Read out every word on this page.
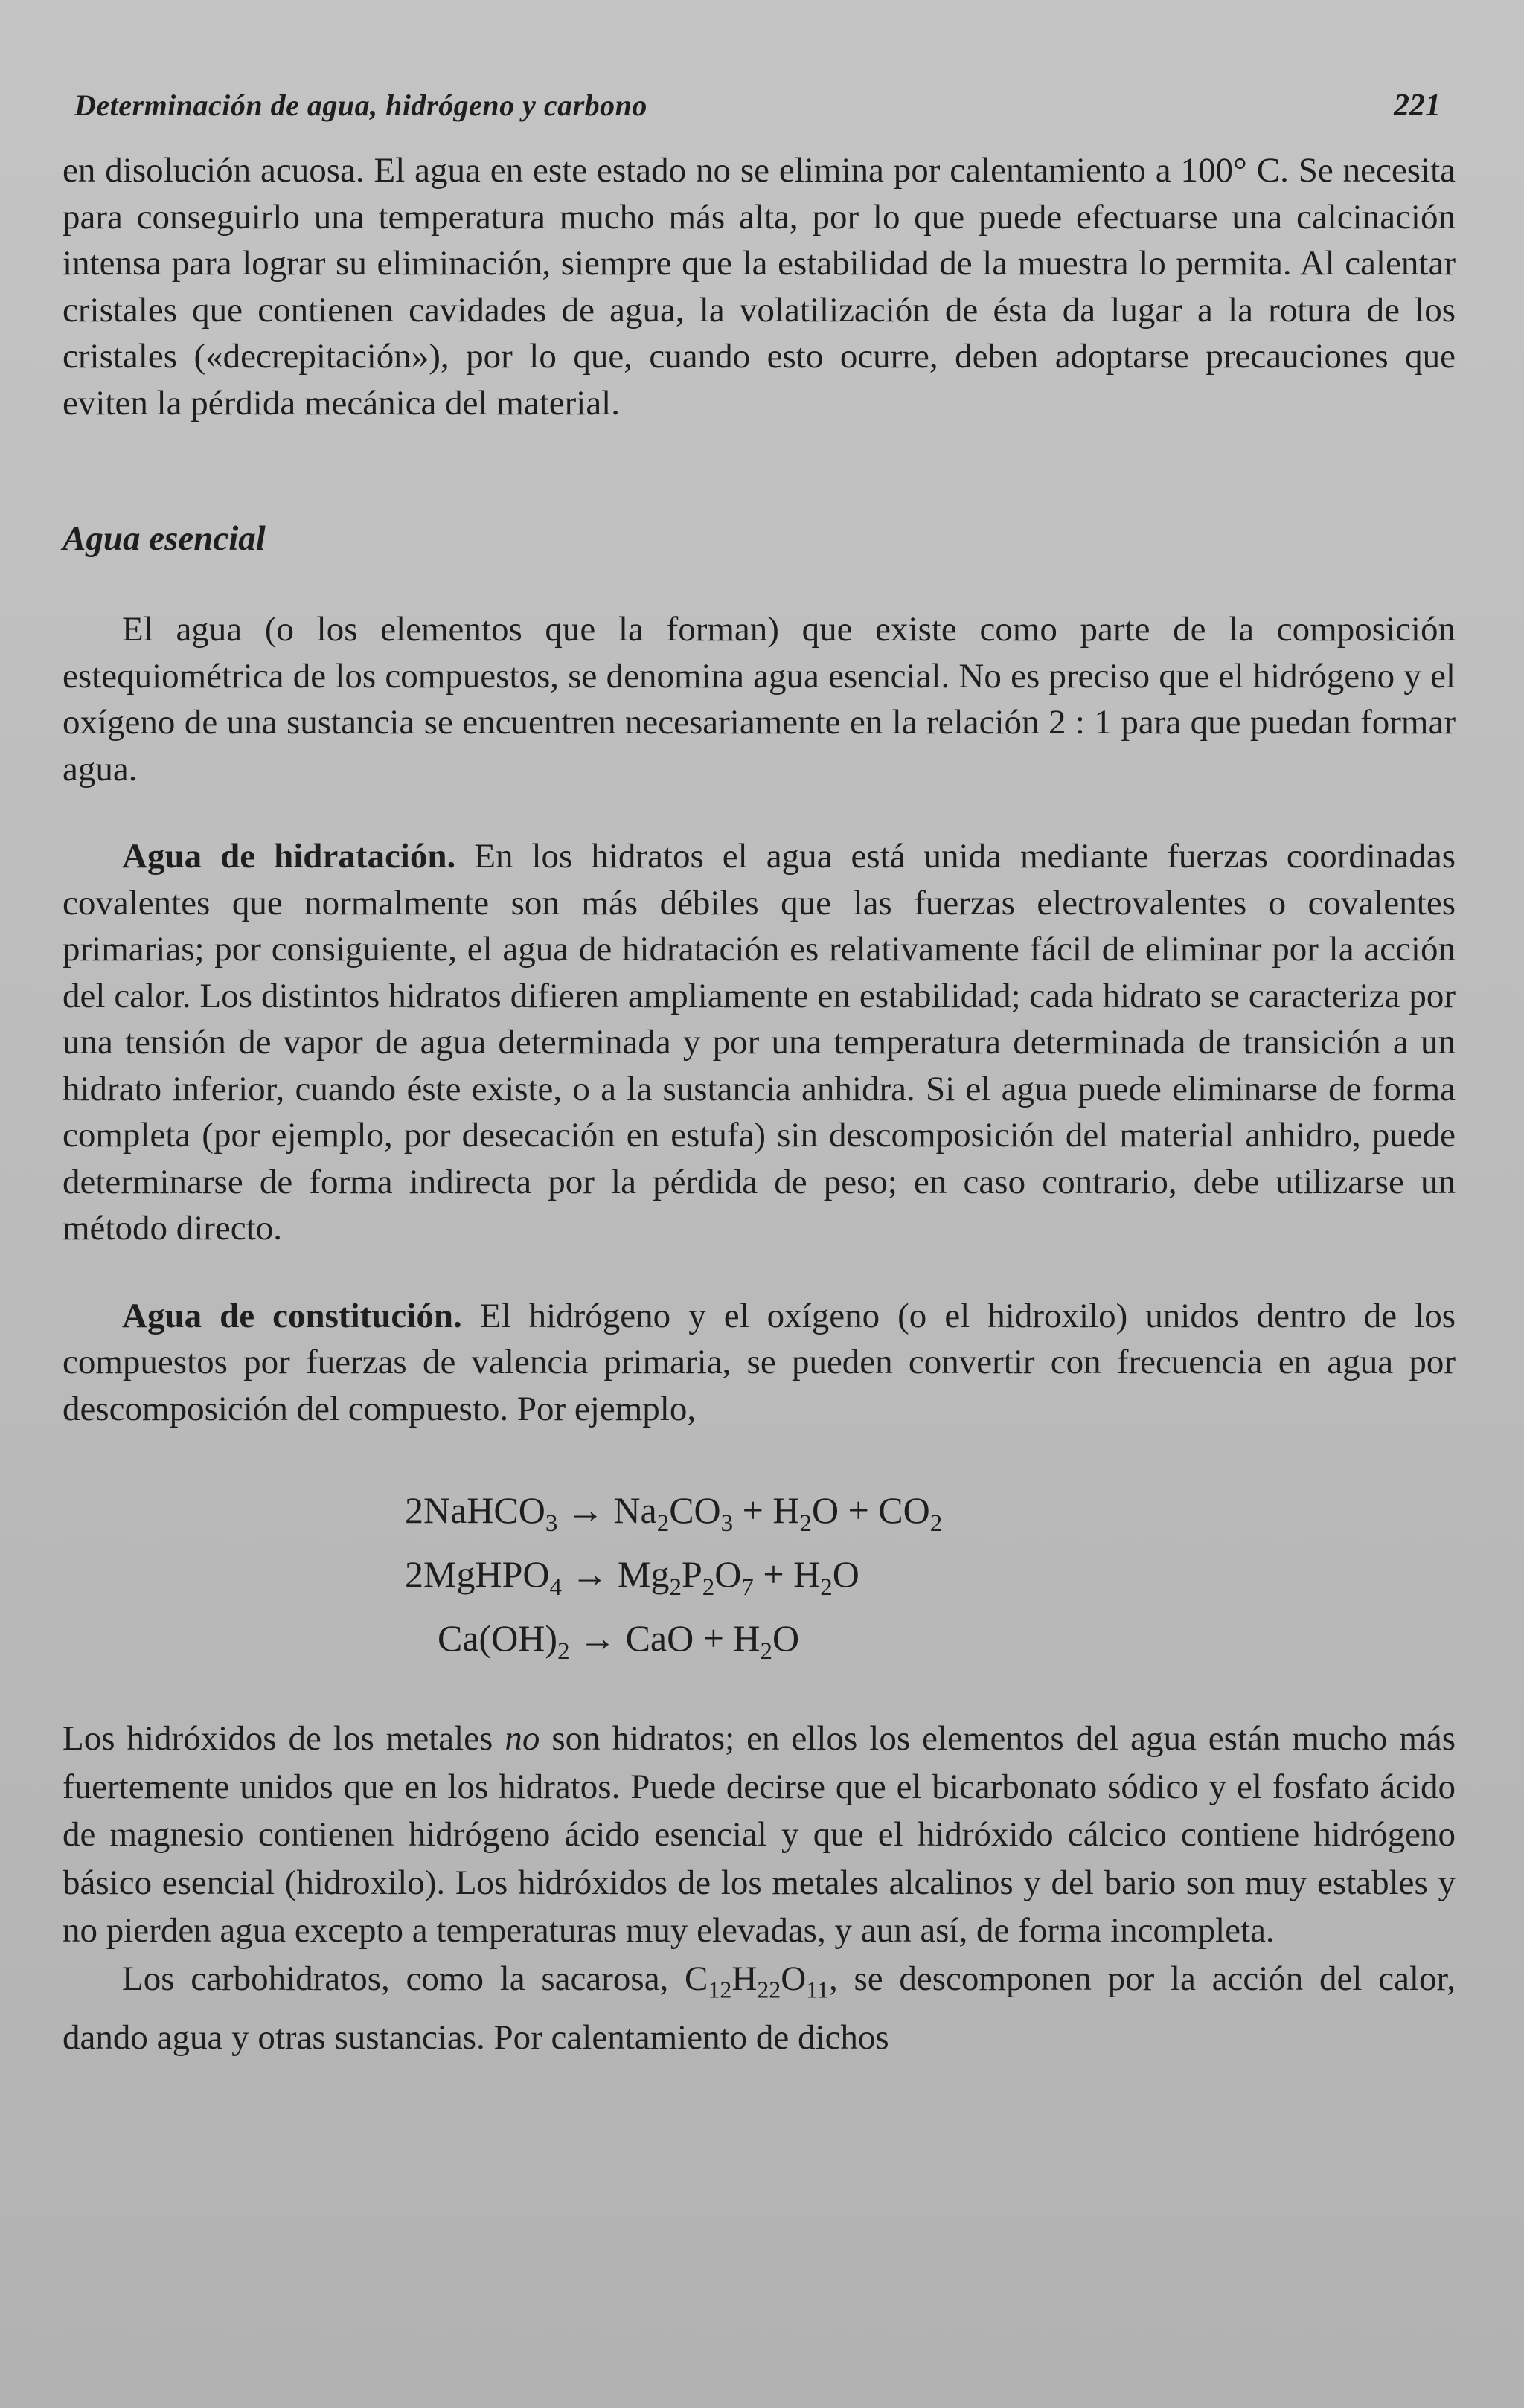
Determinación de agua, hidrógeno y carbono	221

en disolución acuosa. El agua en este estado no se elimina por calentamiento a 100° C. Se necesita para conseguirlo una temperatura mucho más alta, por lo que puede efectuarse una calcinación intensa para lograr su eliminación, siempre que la estabilidad de la muestra lo permita. Al calentar cristales que contienen cavidades de agua, la volatilización de ésta da lugar a la rotura de los cristales («decrepitación»), por lo que, cuando esto ocurre, deben adoptarse precauciones que eviten la pérdida mecánica del material.

Agua esencial

El agua (o los elementos que la forman) que existe como parte de la composición estequiométrica de los compuestos, se denomina agua esencial. No es preciso que el hidrógeno y el oxígeno de una sustancia se encuentren necesariamente en la relación 2 : 1 para que puedan formar agua.

Agua de hidratación. En los hidratos el agua está unida mediante fuerzas coordinadas covalentes que normalmente son más débiles que las fuerzas electrovalentes o covalentes primarias; por consiguiente, el agua de hidratación es relativamente fácil de eliminar por la acción del calor. Los distintos hidratos difieren ampliamente en estabilidad; cada hidrato se caracteriza por una tensión de vapor de agua determinada y por una temperatura determinada de transición a un hidrato inferior, cuando éste existe, o a la sustancia anhidra. Si el agua puede eliminarse de forma completa (por ejemplo, por desecación en estufa) sin descomposición del material anhidro, puede determinarse de forma indirecta por la pérdida de peso; en caso contrario, debe utilizarse un método directo.

Agua de constitución. El hidrógeno y el oxígeno (o el hidroxilo) unidos dentro de los compuestos por fuerzas de valencia primaria, se pueden convertir con frecuencia en agua por descomposición del compuesto. Por ejemplo,

2NaHCO$_3$ → $Na_2CO_3 + H_2O + CO_2$
2MgHPO$_4$ → $Mg_2P_2O_7 + H_2O$
$Ca(OH)_2$ → CaO + $H_2O$

Los hidróxidos de los metales no son hidratos; en ellos los elementos del agua están mucho más fuertemente unidos que en los hidratos. Puede decirse que el bicarbonato sódico y el fosfato ácido de magnesio contienen hidrógeno ácido esencial y que el hidróxido cálcico contiene hidrógeno básico esencial (hidroxilo). Los hidróxidos de los metales alcalinos y del bario son muy estables y no pierden agua excepto a temperaturas muy elevadas, y aun así, de forma incompleta.

Los carbohidratos, como la sacarosa, $C_{12}H_{22}O_{11}$, se descomponen por la acción del calor, dando agua y otras sustancias. Por calentamiento de dichos
